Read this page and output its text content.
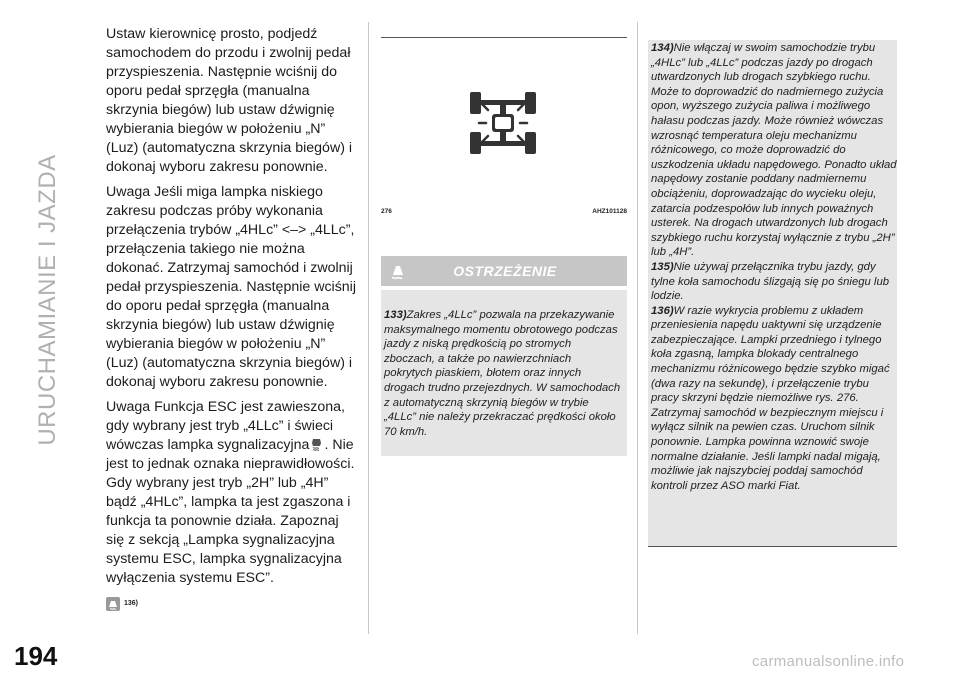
URUCHAMIANIE I JAZDA
194

Ustaw kierownicę prosto, podjedź samochodem do przodu i zwolnij pedał przyspieszenia. Następnie wciśnij do oporu pedał sprzęgła (manualna skrzynia biegów) lub ustaw dźwignię wybierania biegów w położeniu „N” (Luz) (automatyczna skrzynia biegów) i dokonaj wyboru zakresu ponownie.

Uwaga Jeśli miga lampka niskiego zakresu podczas próby wykonania przełączenia trybów „4HLc” <–> „4LLc”, przełączenia takiego nie można dokonać. Zatrzymaj samochód i zwolnij pedał przyspieszenia. Następnie wciśnij do oporu pedał sprzęgła (manualna skrzynia biegów) lub ustaw dźwignię wybierania biegów w położeniu „N” (Luz) (automatyczna skrzynia biegów) i dokonaj wyboru zakresu ponownie.

Uwaga Funkcja ESC jest zawieszona, gdy wybrany jest tryb „4LLc” i świeci wówczas lampka sygnalizacyjna . Nie jest to jednak oznaka nieprawidłowości. Gdy wybrany jest tryb „2H” lub „4H” bądź „4HLc”, lampka ta jest zgaszona i funkcja ta ponownie działa. Zapoznaj się z sekcją „Lampka sygnalizacyjna systemu ESC, lampka sygnalizacyjna wyłączenia systemu ESC”.

136)
276	AHZ101128
OSTRZEŻENIE

133)Zakres „4LLc” pozwala na przekazywanie maksymalnego momentu obrotowego podczas jazdy z niską prędkością po stromych zboczach, a także po nawierzchniach pokrytych piaskiem, błotem oraz innych drogach trudno przejezdnych. W samochodach z automatyczną skrzynią biegów w trybie „4LLc” nie należy przekraczać prędkości około 70 km/h.

134)Nie włączaj w swoim samochodzie trybu „4HLc” lub „4LLc” podczas jazdy po drogach utwardzonych lub drogach szybkiego ruchu. Może to doprowadzić do nadmiernego zużycia opon, wyższego zużycia paliwa i możliwego hałasu podczas jazdy. Może również wówczas wzrosnąć temperatura oleju mechanizmu różnicowego, co może doprowadzić do uszkodzenia układu napędowego. Ponadto układ napędowy zostanie poddany nadmiernemu obciążeniu, doprowadzając do wycieku oleju, zatarcia podzespołów lub innych poważnych usterek. Na drogach utwardzonych lub drogach szybkiego ruchu korzystaj wyłącznie z trybu „2H” lub „4H”.

135)Nie używaj przełącznika trybu jazdy, gdy tylne koła samochodu ślizgają się po śniegu lub lodzie.

136)W razie wykrycia problemu z układem przeniesienia napędu uaktywni się urządzenie zabezpieczające. Lampki przedniego i tylnego koła zgasną, lampka blokady centralnego mechanizmu różnicowego będzie szybko migać (dwa razy na sekundę), i przełączenie trybu pracy skrzyni będzie niemożliwe rys. 276. Zatrzymaj samochód w bezpiecznym miejscu i wyłącz silnik na pewien czas. Uruchom silnik ponownie. Lampka powinna wznowić swoje normalne działanie. Jeśli lampki nadal migają, możliwie jak najszybciej poddaj samochód kontroli przez ASO marki Fiat.

carmanualsonline.info
